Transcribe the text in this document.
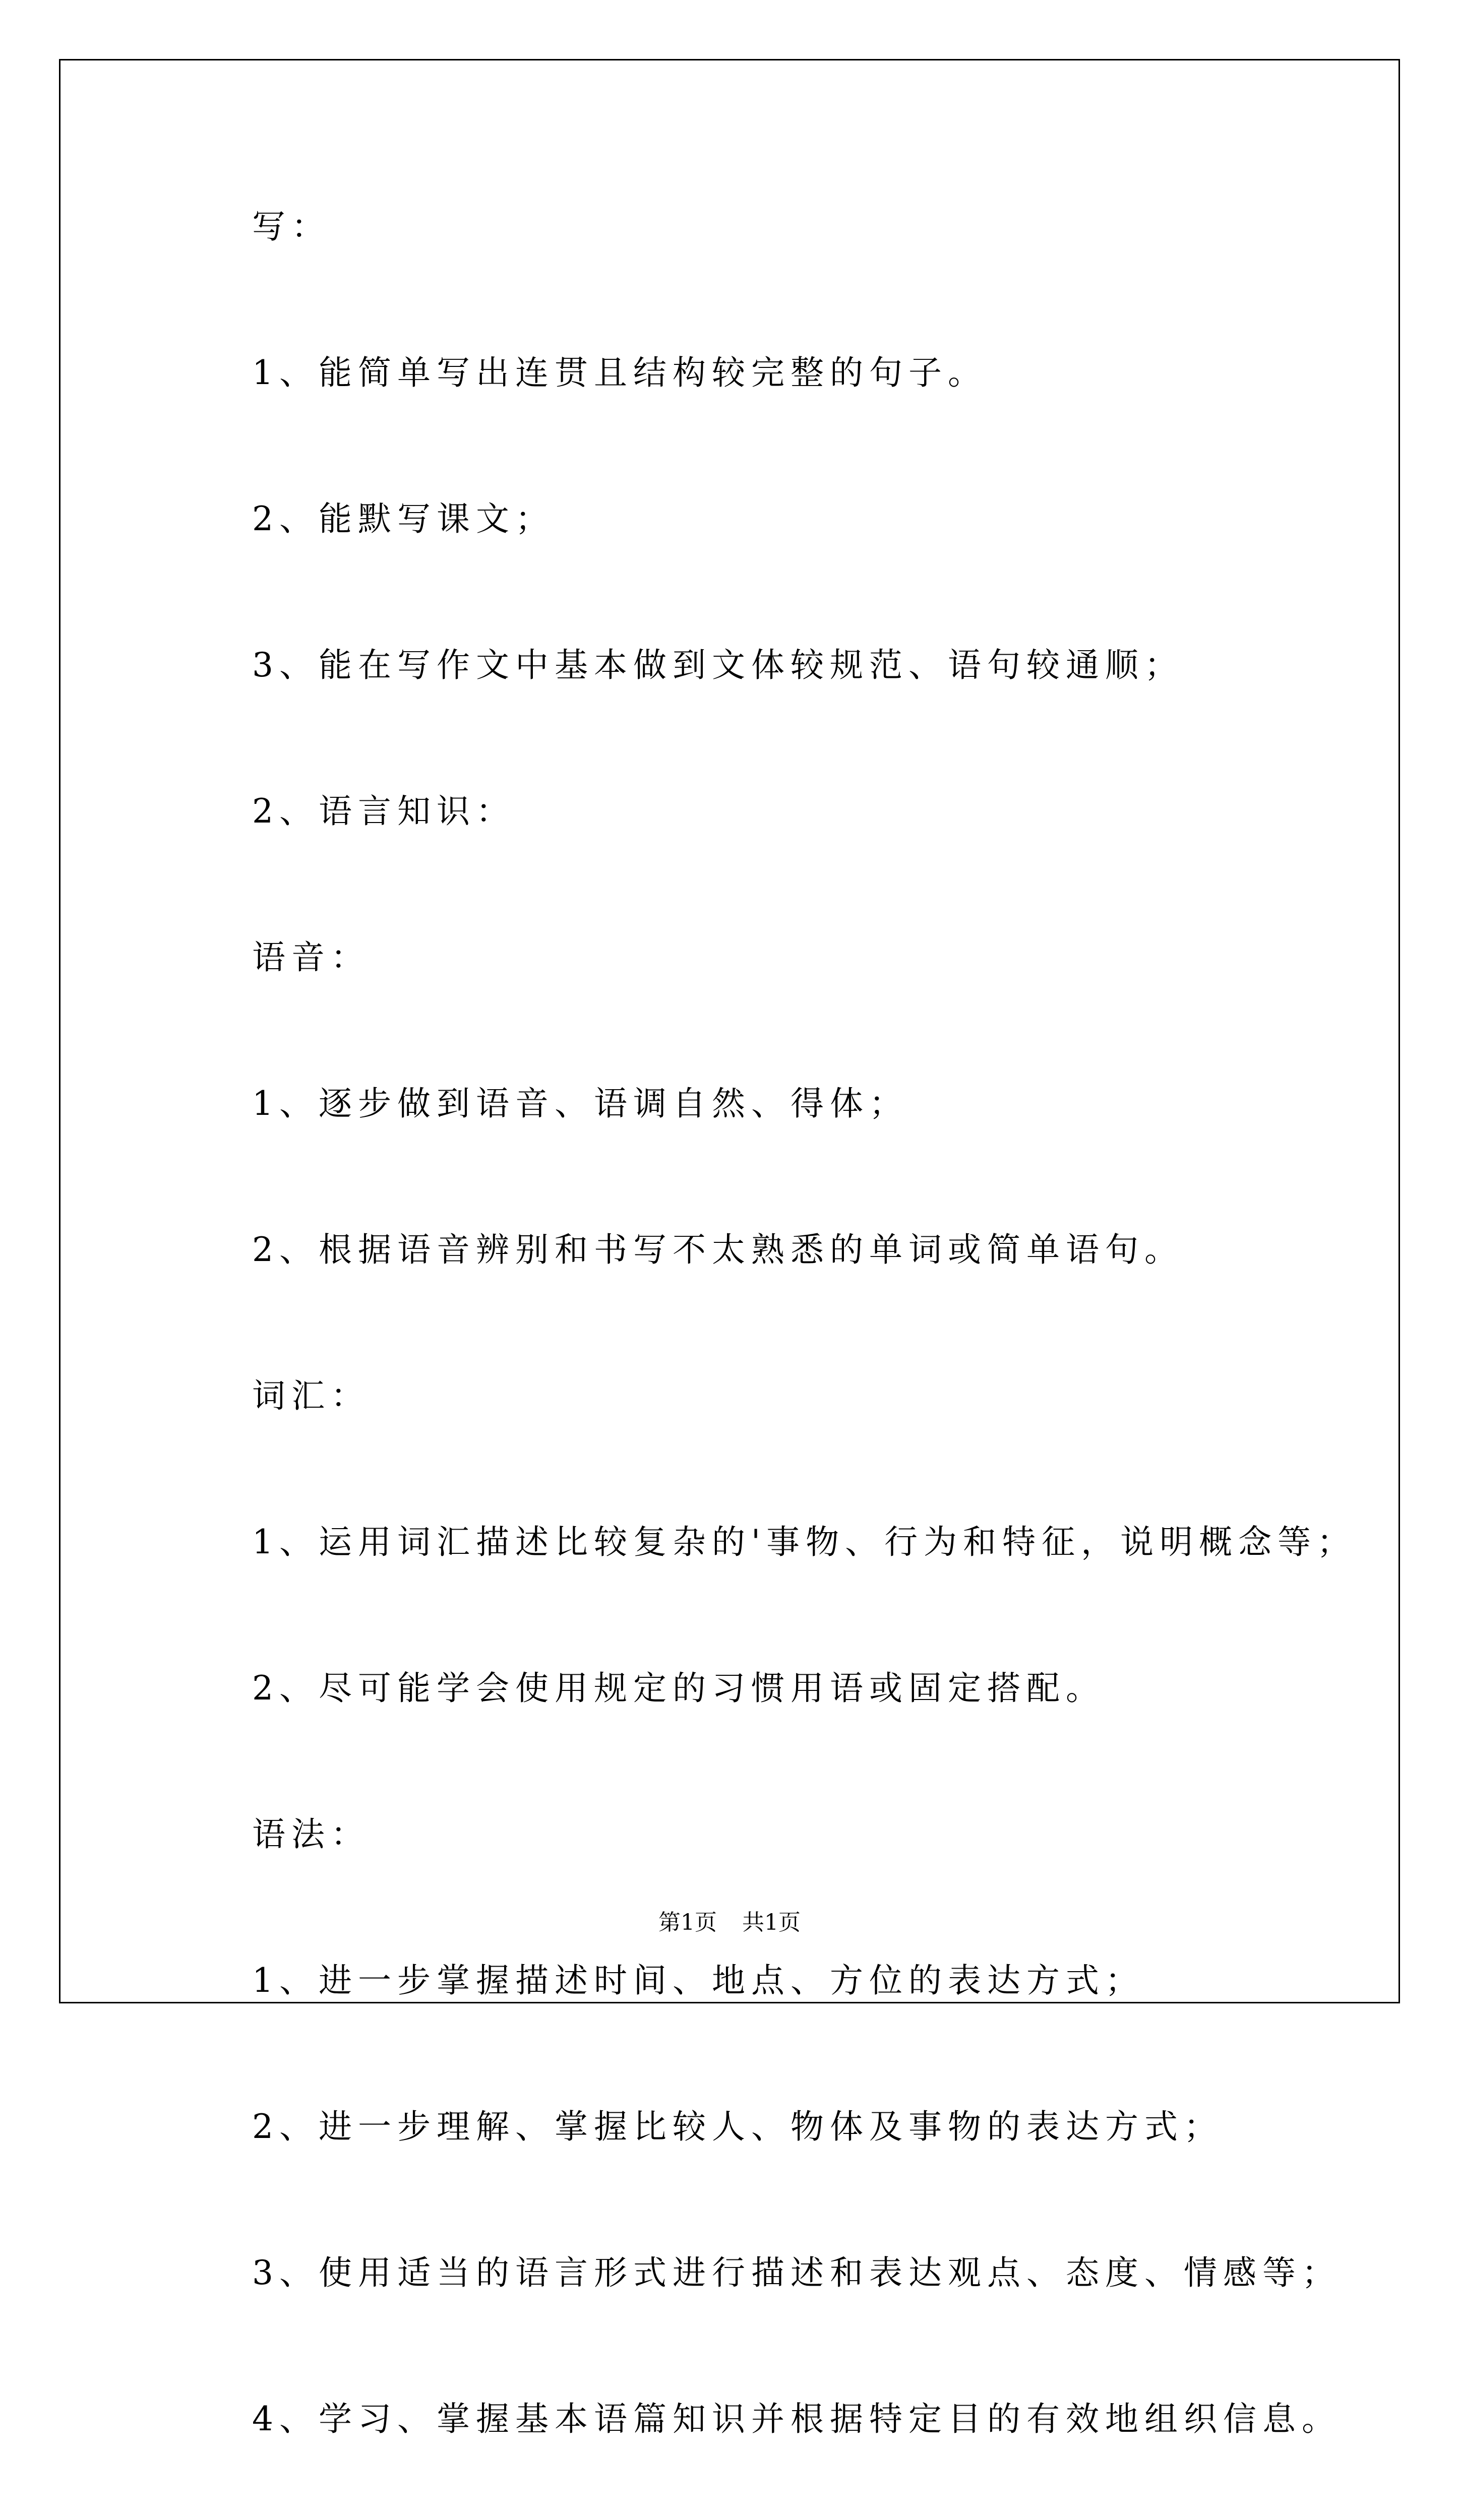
写：
1、能简单写出连贯且结构较完整的句子。
2、能默写课文；
3、能在写作文中基本做到文体较规范、语句较通顺；
2、语言知识：
语音：
1、逐步做到语音、语调自然、得体；
2、根据语音辨别和书写不太熟悉的单词或简单语句。
词汇：
1、运用词汇描述比较复杂的'事物、行为和特征，说明概念等；
2、尽可能学会使用规定的习惯用语或固定搭配。
语法：
1、进一步掌握描述时间、地点、方位的表达方式；
2、进一步理解、掌握比较人、物体及事物的表达方式；
3、使用适当的语言形式进行描述和表达观点、态度、情感等；
4、学习、掌握基本语篇知识并根据特定目的有效地组织信息。
第1页 共1页
